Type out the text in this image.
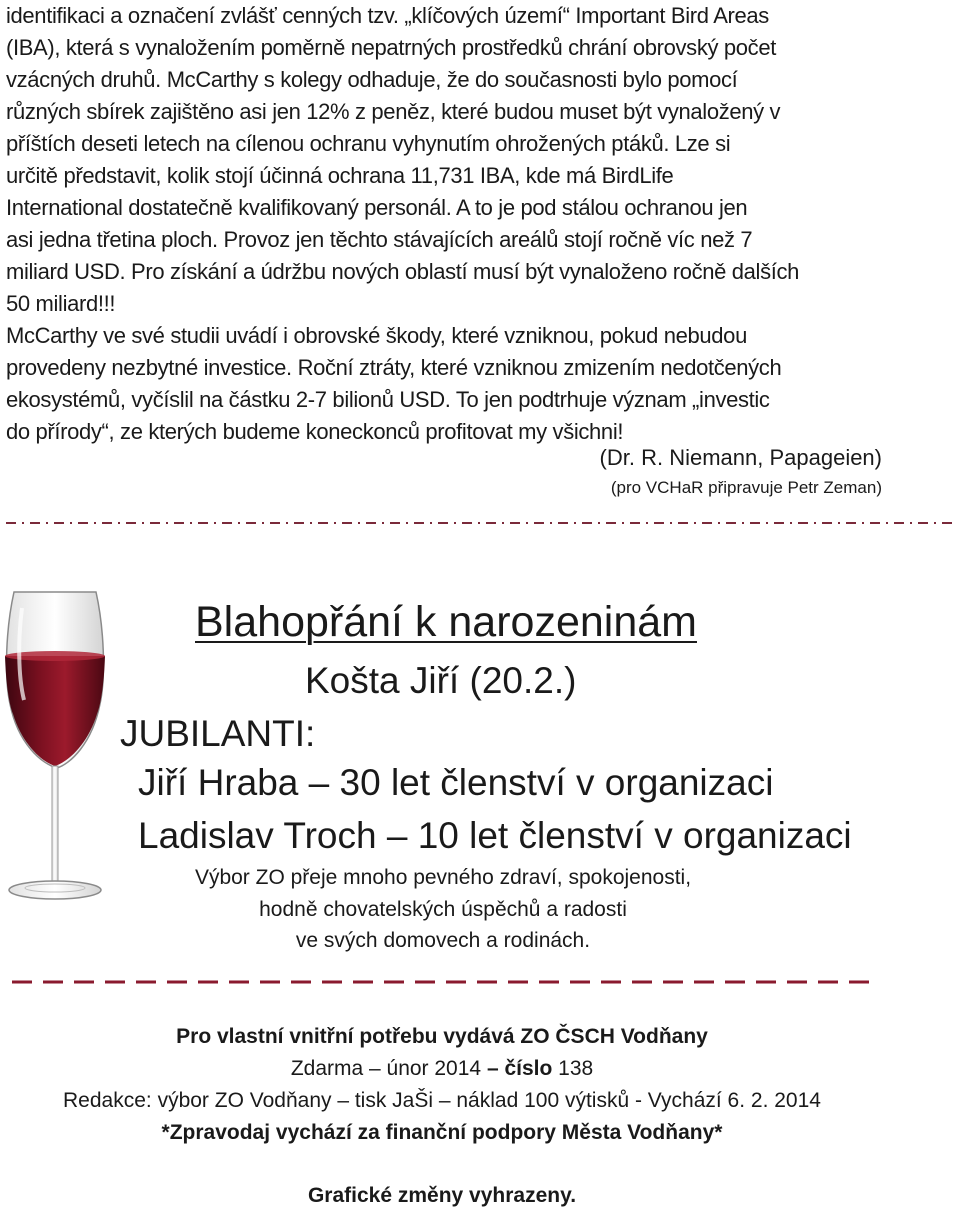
identifikaci a označení zvlášť cenných tzv. „klíčových území“ Important Bird Areas

(IBA), která s vynaložením poměrně nepatrných prostředků chrání obrovský počet

vzácných druhů. McCarthy s kolegy odhaduje, že do současnosti bylo pomocí

různých sbírek zajištěno asi jen 12% z peněz, které budou muset být vynaložený v

příštích deseti letech na cílenou ochranu vyhynutím ohrožených ptáků. Lze si

určitě představit, kolik stojí účinná ochrana 11,731 IBA, kde má BirdLife

International dostatečně kvalifikovaný personál. A to je pod stálou ochranou jen

asi jedna třetina ploch. Provoz jen těchto stávajících areálů stojí ročně víc než 7

miliard USD. Pro získání a údržbu nových oblastí musí být vynaloženo ročně dalších

50 miliard!!!

McCarthy ve své studii uvádí i obrovské škody, které vzniknou, pokud nebudou

provedeny nezbytné investice. Roční ztráty, které vzniknou zmizením nedotčených

ekosystémů, vyčíslil na částku 2-7 bilionů USD. To jen podtrhuje význam „investic

do přírody“, ze kterých budeme koneckonců profitovat my všichni!

(Dr. R. Niemann, Papageien)
(pro VCHaR připravuje Petr Zeman)
Blahopřání k narozeninám
Košta Jiří (20.2.)
JUBILANTI:
Jiří Hraba – 30 let členství v organizaci
Ladislav Troch – 10 let členství v organizaci
Výbor ZO přeje mnoho pevného zdraví, spokojenosti,
hodně chovatelských úspěchů a radosti
ve svých domovech a rodinách.
Pro vlastní vnitřní potřebu vydává ZO ČSCH Vodňany
Zdarma – únor 2014 – číslo 138
Redakce: výbor ZO Vodňany – tisk JaŠi – náklad 100 výtisků - Vychází 6. 2. 2014
*Zpravodaj vychází za finanční podpory Města Vodňany*
Grafické změny vyhrazeny.
